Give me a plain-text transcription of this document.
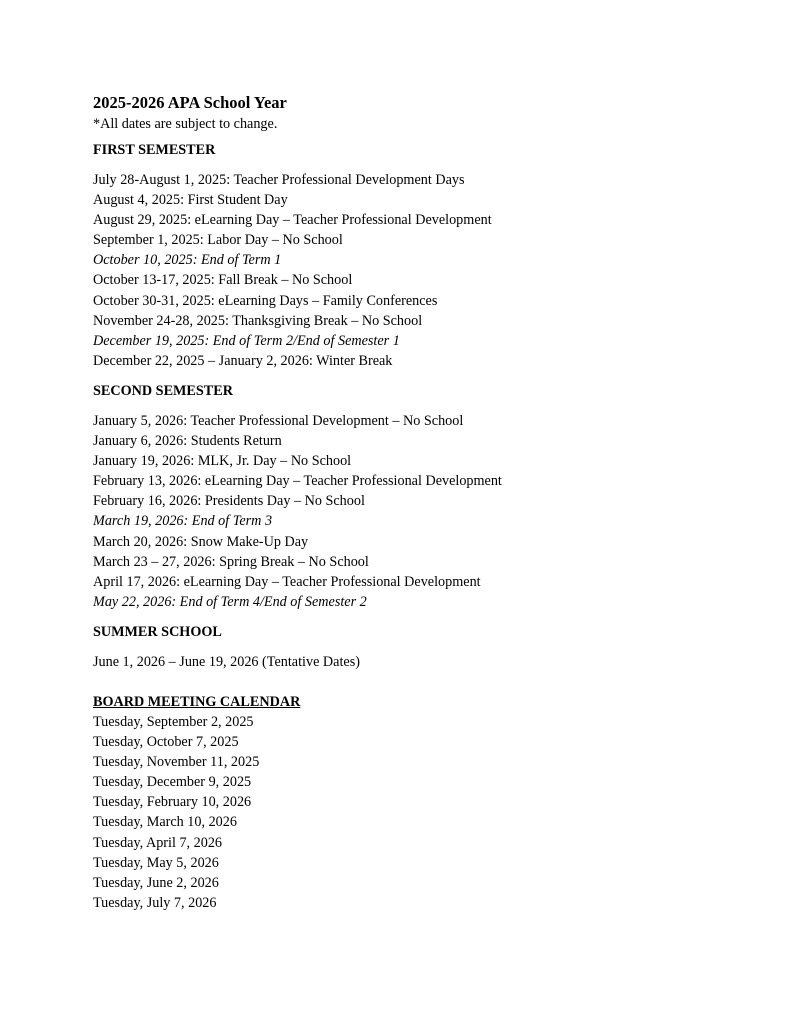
2025-2026 APA School Year

*All dates are subject to change.

FIRST SEMESTER
July 28-August 1, 2025: Teacher Professional Development Days
August 4, 2025: First Student Day
August 29, 2025: eLearning Day – Teacher Professional Development
September 1, 2025: Labor Day – No School
October 10, 2025: End of Term 1
October 13-17, 2025: Fall Break – No School
October 30-31, 2025: eLearning Days – Family Conferences
November 24-28, 2025: Thanksgiving Break – No School
December 19, 2025: End of Term 2/End of Semester 1
December 22, 2025 – January 2, 2026: Winter Break
SECOND SEMESTER
January 5, 2026: Teacher Professional Development – No School
January 6, 2026: Students Return
January 19, 2026: MLK, Jr. Day – No School
February 13, 2026: eLearning Day – Teacher Professional Development
February 16, 2026: Presidents Day – No School
March 19, 2026: End of Term 3
March 20, 2026: Snow Make-Up Day
March 23 – 27, 2026: Spring Break – No School
April 17, 2026: eLearning Day – Teacher Professional Development
May 22, 2026: End of Term 4/End of Semester 2
SUMMER SCHOOL
June 1, 2026 – June 19, 2026 (Tentative Dates)
BOARD MEETING CALENDAR
Tuesday, September 2, 2025
Tuesday, October 7, 2025
Tuesday, November 11, 2025
Tuesday, December 9, 2025
Tuesday, February 10, 2026
Tuesday, March 10, 2026
Tuesday, April 7, 2026
Tuesday, May 5, 2026
Tuesday, June 2, 2026
Tuesday, July 7, 2026
